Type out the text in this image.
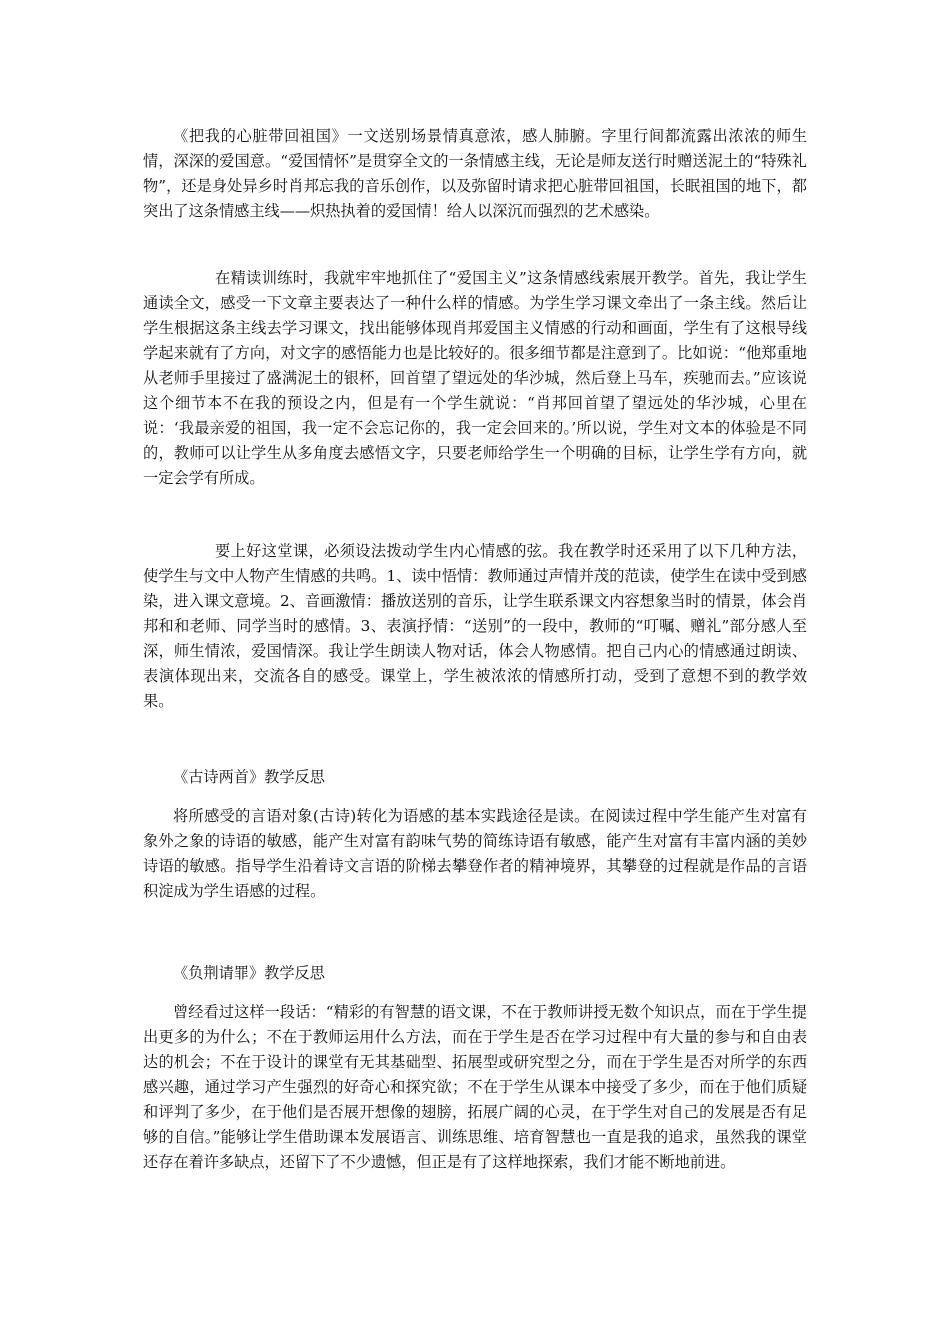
《把我的心脏带回祖国》一文送别场景情真意浓，感人肺腑。字里行间都流露出浓浓的师生情，深深的爱国意。“爱国情怀”是贯穿全文的一条情感主线，无论是师友送行时赠送泥土的“特殊礼物”，还是身处异乡时肖邦忘我的音乐创作，以及弥留时请求把心脏带回祖国，长眠祖国的地下，都突出了这条情感主线——炽热执着的爱国情！给人以深沉而强烈的艺术感染。

在精读训练时，我就牢牢地抓住了“爱国主义”这条情感线索展开教学。首先，我让学生通读全文，感受一下文章主要表达了一种什么样的情感。为学生学习课文牵出了一条主线。然后让学生根据这条主线去学习课文，找出能够体现肖邦爱国主义情感的行动和画面，学生有了这根导线学起来就有了方向，对文字的感悟能力也是比较好的。很多细节都是注意到了。比如说：“他郑重地从老师手里接过了盛满泥土的银杯，回首望了望远处的华沙城，然后登上马车，疾驰而去。”应该说这个细节本不在我的预设之内，但是有一个学生就说：“肖邦回首望了望远处的华沙城，心里在说：‘我最亲爱的祖国，我一定不会忘记你的，我一定会回来的。’所以说，学生对文本的体验是不同的，教师可以让学生从多角度去感悟文字，只要老师给学生一个明确的目标，让学生学有方向，就一定会学有所成。

要上好这堂课，必须设法拨动学生内心情感的弦。我在教学时还采用了以下几种方法，使学生与文中人物产生情感的共鸣。1、读中悟情：教师通过声情并茂的范读，使学生在读中受到感染，进入课文意境。2、音画激情：播放送别的音乐，让学生联系课文内容想象当时的情景，体会肖邦和和老师、同学当时的感情。3、表演抒情：“送别”的一段中，教师的“叮嘱、赠礼”部分感人至深，师生情浓，爱国情深。我让学生朗读人物对话，体会人物感情。把自己内心的情感通过朗读、表演体现出来，交流各自的感受。课堂上，学生被浓浓的情感所打动，受到了意想不到的教学效果。

《古诗两首》教学反思

将所感受的言语对象(古诗)转化为语感的基本实践途径是读。在阅读过程中学生能产生对富有象外之象的诗语的敏感，能产生对富有韵味气势的简练诗语有敏感，能产生对富有丰富内涵的美妙诗语的敏感。指导学生沿着诗文言语的阶梯去攀登作者的精神境界，其攀登的过程就是作品的言语积淀成为学生语感的过程。

《负荆请罪》教学反思

曾经看过这样一段话：“精彩的有智慧的语文课，不在于教师讲授无数个知识点，而在于学生提出更多的为什么；不在于教师运用什么方法，而在于学生是否在学习过程中有大量的参与和自由表达的机会；不在于设计的课堂有无其基础型、拓展型或研究型之分，而在于学生是否对所学的东西感兴趣，通过学习产生强烈的好奇心和探究欲；不在于学生从课本中接受了多少，而在于他们质疑和评判了多少，在于他们是否展开想像的翅膀，拓展广阔的心灵，在于学生对自己的发展是否有足够的自信。”能够让学生借助课本发展语言、训练思维、培育智慧也一直是我的追求，虽然我的课堂还存在着许多缺点，还留下了不少遗憾，但正是有了这样地探索，我们才能不断地前进。
